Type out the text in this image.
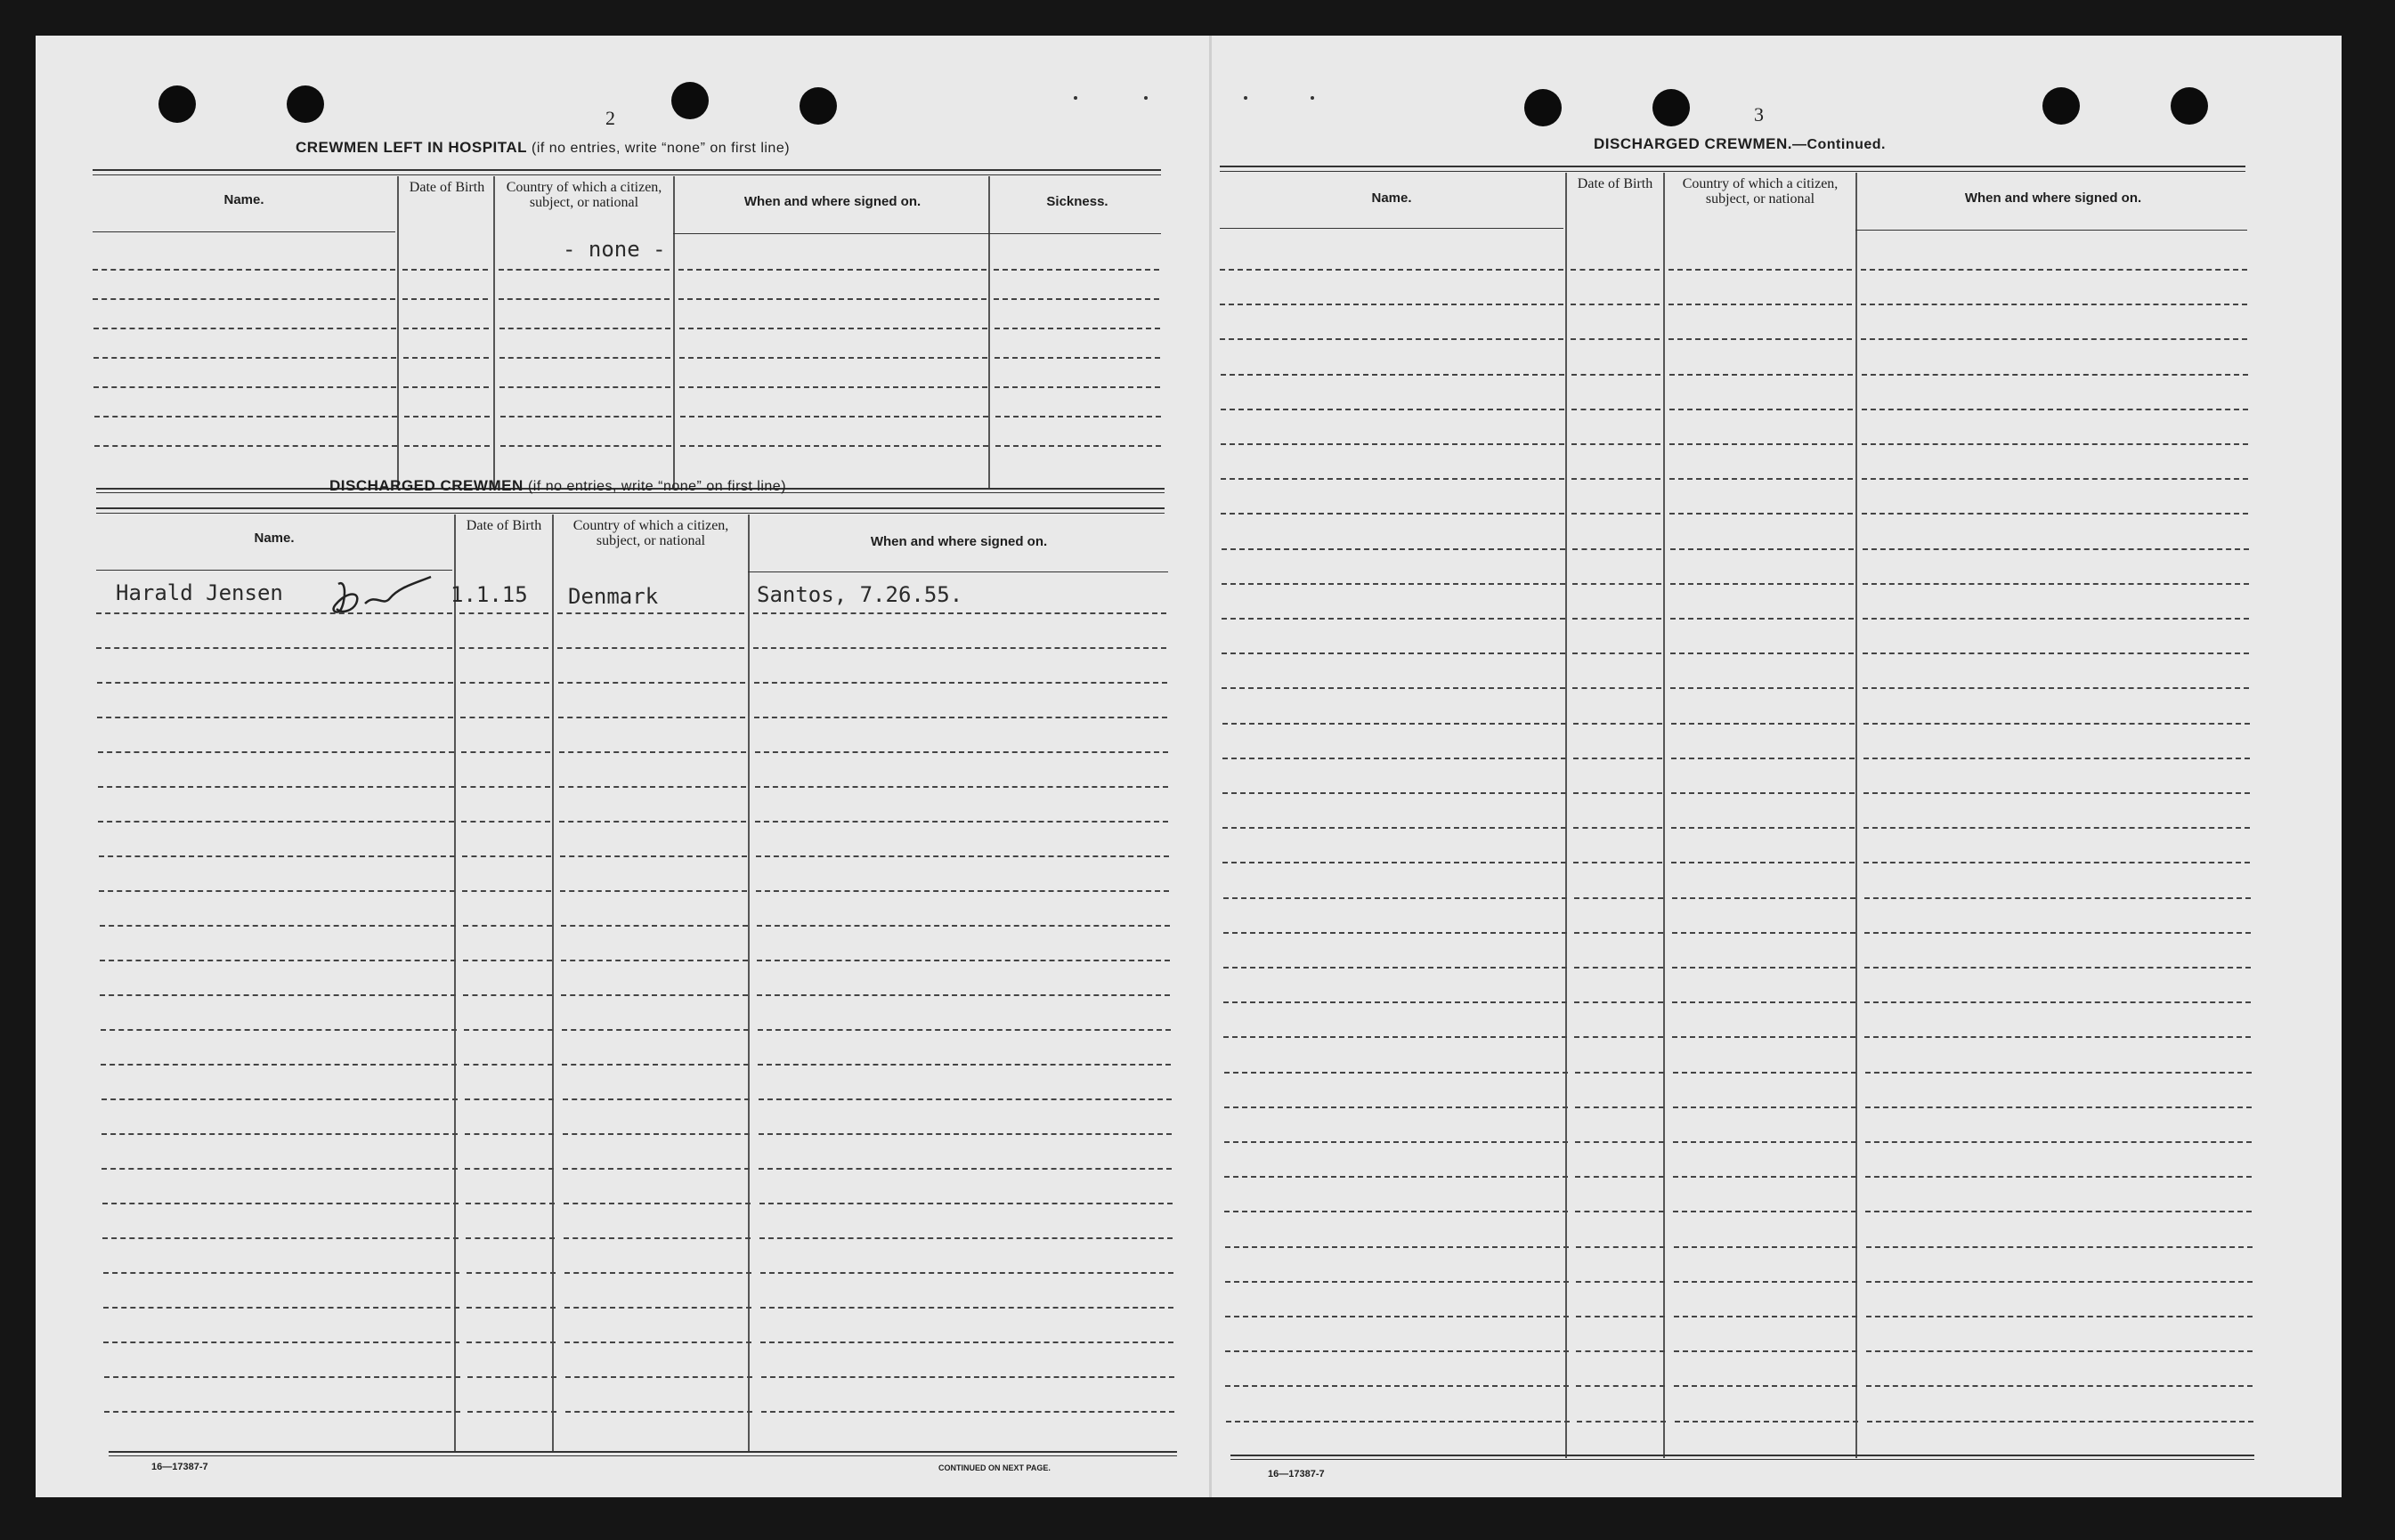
2
CREWMEN LEFT IN HOSPITAL (if no entries, write “none” on first line)
Name.
Date of Birth	Country of which a citizen, subject, or national	When and where signed on.	Sickness.
- none -
DISCHARGED CREWMEN (if no entries, write “none” on first line)
Name.
Date of Birth	Country of which a citizen, subject, or national	When and where signed on.
Harald Jensen	1.1.15 Denmark	Santos, 7.26.55.
16—17387-7	CONTINUED ON NEXT PAGE.
3
DISCHARGED CREWMEN.—Continued.
Name.
Date of Birth	Country of which a citizen, subject, or national	When and where signed on.
16—17387-7
